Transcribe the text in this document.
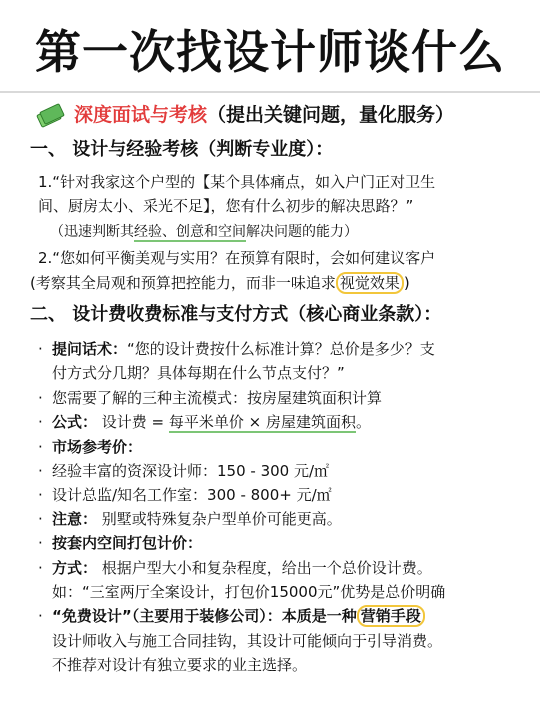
第一次找设计师谈什么
深度面试与考核 （提出关键问题，量化服务）
一、 设计与经验考核（判断专业度）：
1.“针对我家这个户型的【某个具体痛点，如入户门正对卫生
间、厨房太小、采光不足】，您有什么初步的解决思路？”
（迅速判断其经验、创意和空间解决问题的能力）
2.“您如何平衡美观与实用？在预算有限时，会如何建议客户
(考察其全局观和预算把控能力，而非一味追求 视觉效果 )
二、 设计费收费标准与支付方式（核心商业条款）：
· 提问话术：“您的设计费按什么标准计算？总价是多少？支
付方式分几期？具体每期在什么节点支付？”
· 您需要了解的三种主流模式：按房屋建筑面积计算
· 公式： 设计费 = 每平米单价 × 房屋建筑面积。
· 市场参考价：
· 经验丰富的资深设计师：150 - 300 元/㎡
· 设计总监/知名工作室：300 - 800+ 元/㎡
· 注意： 别墅或特殊复杂户型单价可能更高。
· 按套内空间打包计价：
· 方式： 根据户型大小和复杂程度，给出一个总价设计费。
如：“三室两厅全案设计，打包价15000元”优势是总价明确
· “免费设计”（主要用于装修公司）：本质是一种 营销手段
设计师收入与施工合同挂钩，其设计可能倾向于引导消费。
不推荐对设计有独立要求的业主选择。
